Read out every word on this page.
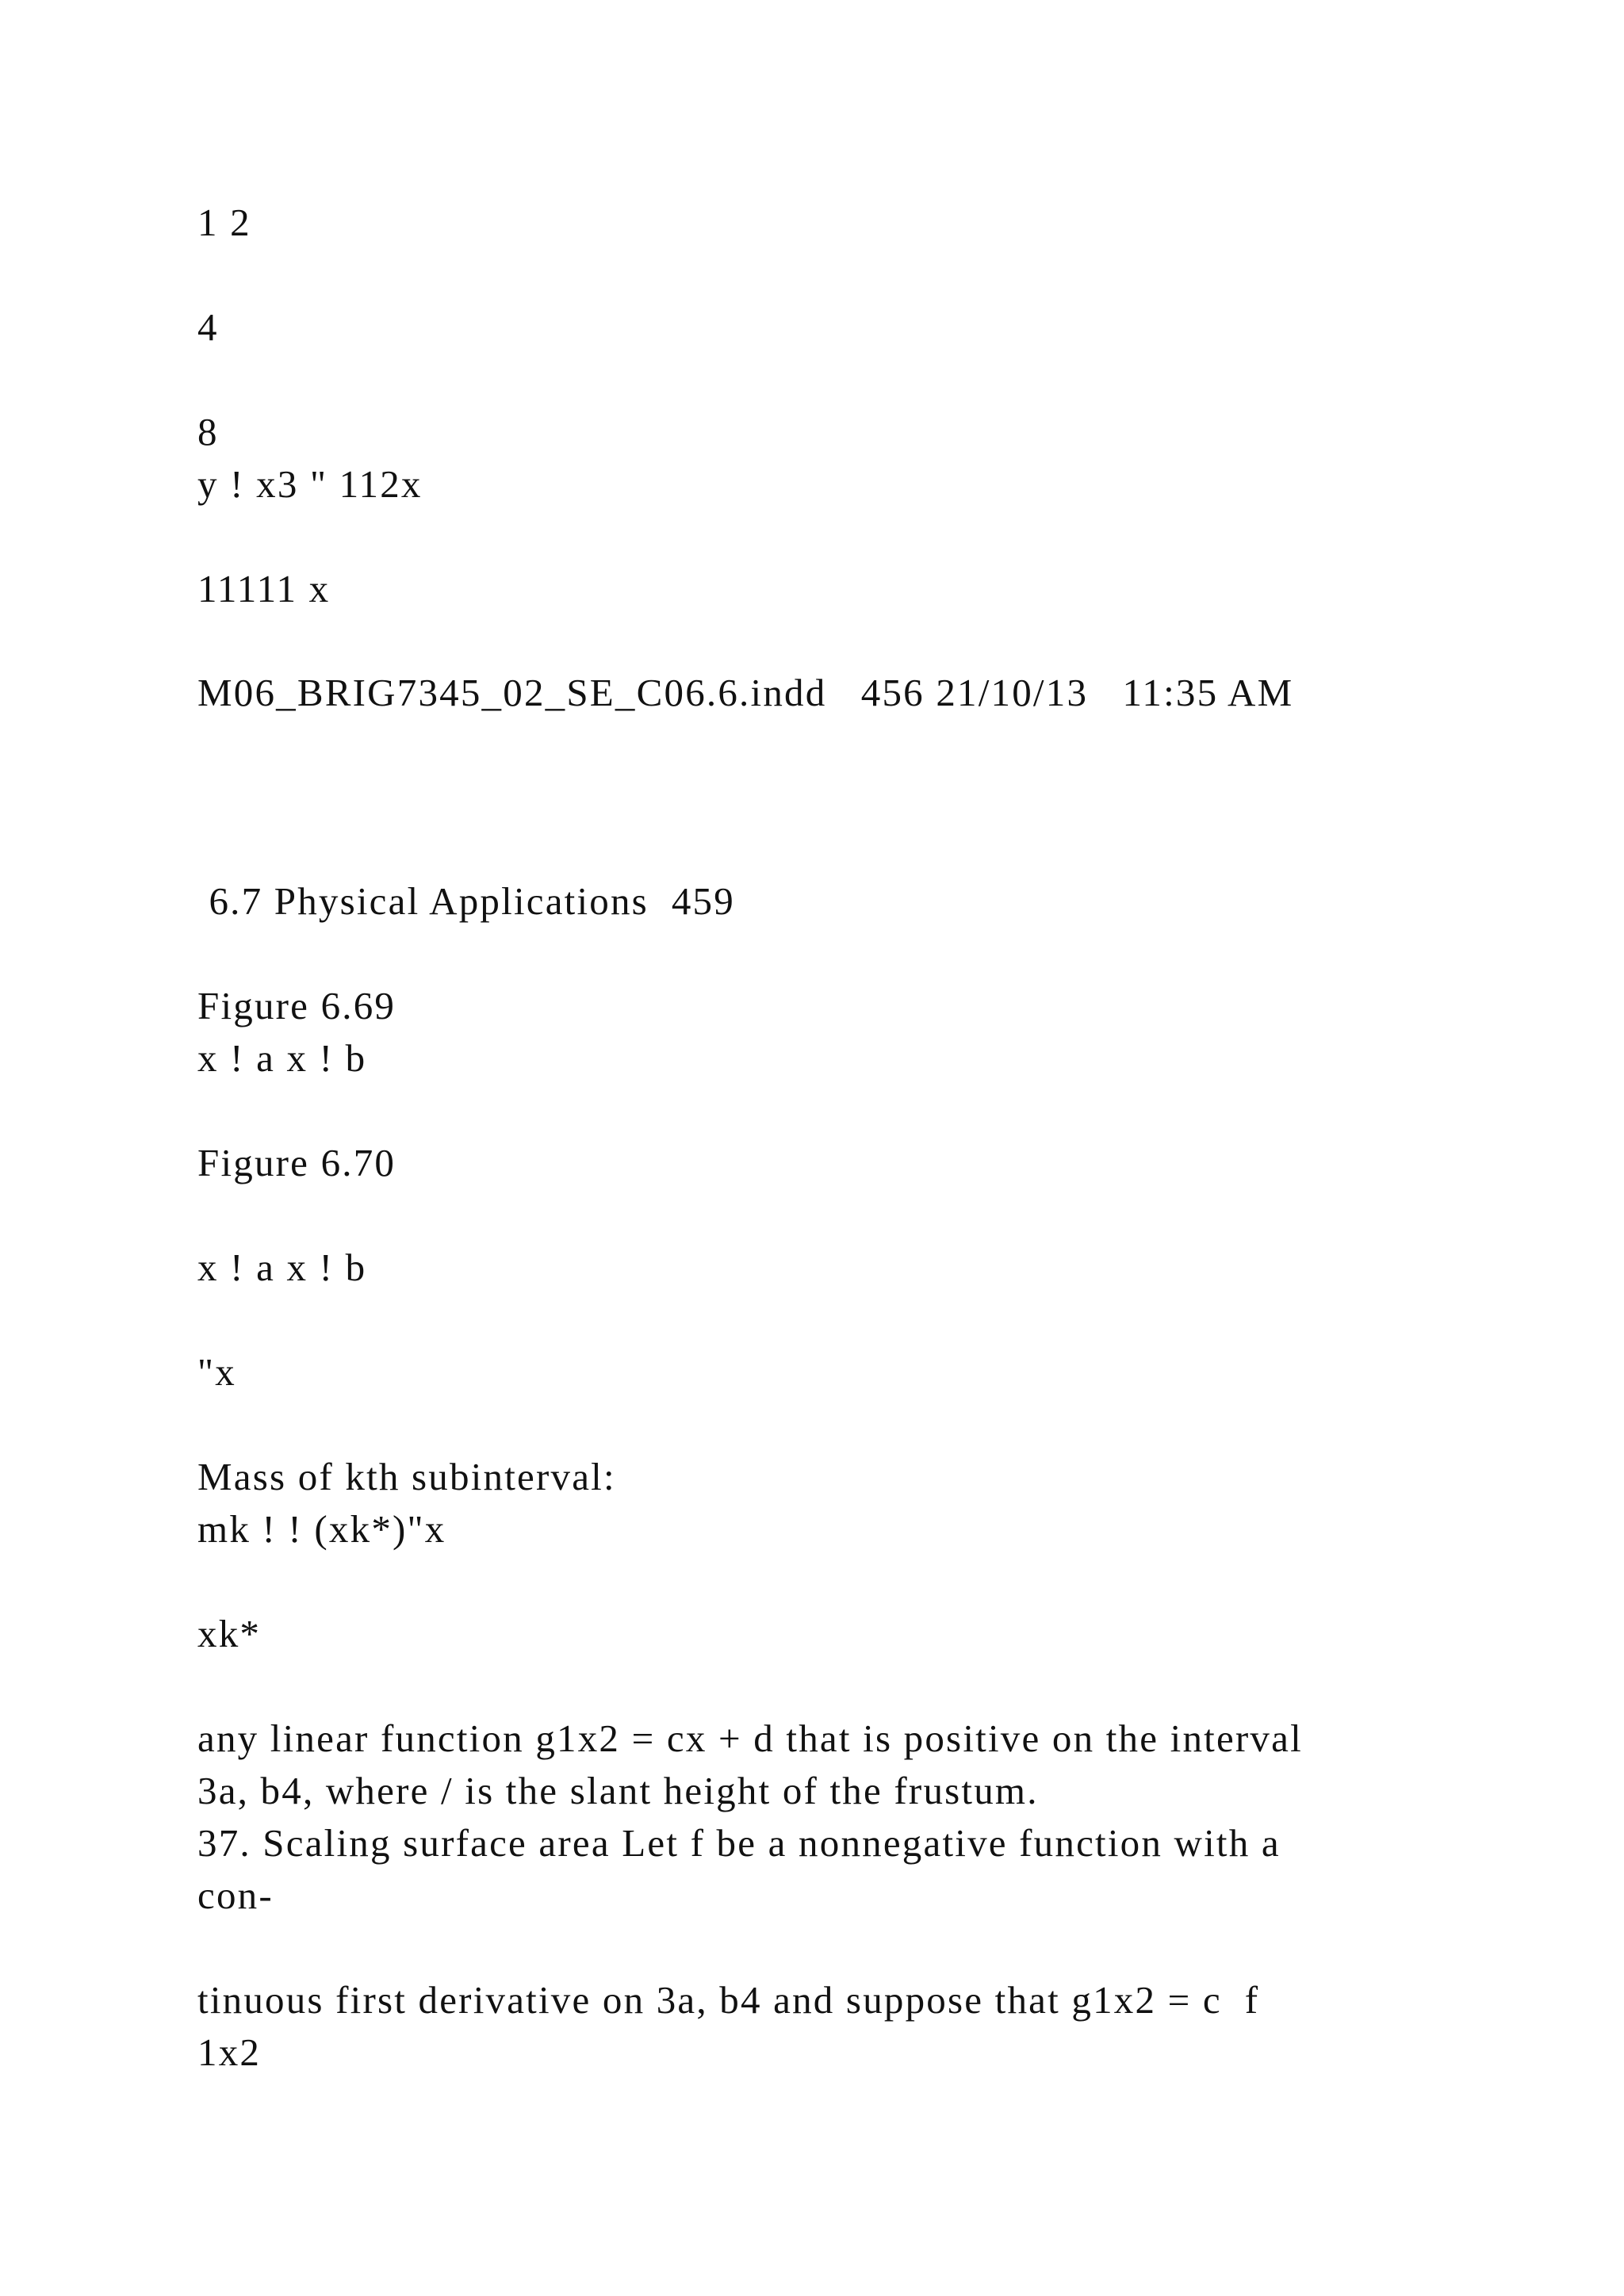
1 2
4
8
y ! x3 " 112x
11111 x
M06_BRIG7345_02_SE_C06.6.indd   456 21/10/13   11:35 AM
6.7 Physical Applications  459
Figure 6.69
x ! a x ! b
Figure 6.70
x ! a x ! b
"x
Mass of kth subinterval:
mk ! ! (xk*)"x
xk*
any linear function g1x2 = cx + d that is positive on the interval
3a, b4, where / is the slant height of the frustum.
37. Scaling surface area Let f be a nonnegative function with a
con-
tinuous first derivative on 3a, b4 and suppose that g1x2 = c  f
1x2
